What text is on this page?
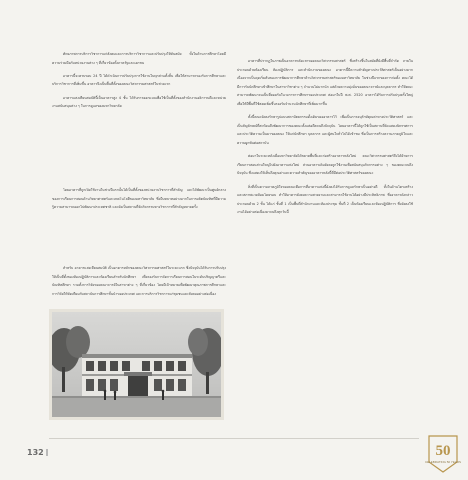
ศักยภาพการบริการวิชาการแก่สังคมและการบริการวิชาการและปรับปรุงให้ทันสมัย ทั้งในด้านการศึกษาโดยมีความร่วมมือกับหน่วยงานต่าง ๆ ที่เกี่ยวข้องทั้งภาครัฐและเอกชน

อาคารนี้จะครบรอบ 24 ปี ได้ดำเนินการปรับปรุงการใช้งานในทุกส่วนทั้งสิ้น เพื่อให้สามารถรองรับการศึกษาและบริการวิชาการที่เพิ่มขึ้น อาคารจึงเป็นพื้นที่ตั้งของคณะวิศวกรรมศาสตร์ในช่วงแรก

อาคารแสงเทียนสมบัตินี้เป็นอาคารสูง 4 ชั้น ได้รับการออกแบบเพื่อใช้เป็นที่ตั้งของสำนักงานอธิการบดีและหน่วยงานสนับสนุนต่าง ๆ ในการดูแลของมหาวิทยาลัย

โดยอาคารที่ถูกเปิดใช้งานในช่วงปีแรกนั้นได้เป็นที่ตั้งของหน่วยงานวิชาการที่สำคัญ และได้พัฒนาเป็นศูนย์กลางของการเรียนการสอนด้านวิทยาศาสตร์และเทคโนโลยีของมหาวิทยาลัย ซึ่งมีบทบาทอย่างมากในการผลิตบัณฑิตที่มีความรู้ความสามารถออกไปพัฒนาประเทศชาติ และยังเป็นสถานที่จัดกิจกรรมทางวิชาการที่สำคัญหลายครั้ง

สำหรับ อาคารแสงเทียนสมบัติ เป็นอาคารหลักของคณะวิศวกรรมศาสตร์ในระยะแรก ซึ่งปัจจุบันได้รับการปรับปรุงให้เป็นที่ตั้งของห้องปฏิบัติการและห้องเรียนสำหรับนักศึกษา เพื่อรองรับการจัดการเรียนการสอนในระดับปริญญาตรีและบัณฑิตศึกษา รวมทั้งการวิจัยของคณาจารย์ในสาขาต่าง ๆ ที่เกี่ยวข้อง โดยมีเป้าหมายเพื่อพัฒนาคุณภาพการศึกษาและการวิจัยให้ทัดเทียมกับสถาบันการศึกษาชั้นนำของประเทศ และการบริการวิชาการแก่ชุมชนและสังคมอย่างต่อเนื่อง

อาคารที่ปรากฏในภาพเป็นอาคารหลังแรกของคณะวิศวกรรมศาสตร์ ซึ่งสร้างขึ้นในสมัยที่ยังมีพื้นที่จำกัด ภายในประกอบด้วยห้องเรียน ห้องปฏิบัติการ และสำนักงานของคณะ อาคารนี้มีความสำคัญทางประวัติศาสตร์เป็นอย่างมาก เนื่องจากเป็นจุดเริ่มต้นของการพัฒนาการศึกษาด้านวิศวกรรมศาสตร์ของมหาวิทยาลัย ในช่วงปีแรกของการก่อตั้ง คณะได้มีการรับนักศึกษาเข้าศึกษาในสาขาวิชาต่าง ๆ จำนวนไม่มากนัก แต่ด้วยความมุ่งมั่นของคณาจารย์และบุคลากร ทำให้คณะสามารถพัฒนาจนเป็นที่ยอมรับในวงการการศึกษาของประเทศ ต่อมาในปี พ.ศ. 2520 อาคารได้รับการปรับปรุงครั้งใหญ่ เพื่อให้มีพื้นที่ใช้สอยเพิ่มขึ้นรองรับจำนวนนักศึกษาที่เพิ่มมากขึ้น

ทั้งนี้คณะยังคงรักษารูปแบบสถาปัตยกรรมดั้งเดิมของอาคารไว้ เพื่อเป็นการอนุรักษ์คุณค่าทางประวัติศาสตร์ และเป็นสัญลักษณ์ที่สะท้อนถึงพัฒนาการของคณะตั้งแต่อดีตจนถึงปัจจุบัน โดยอาคารนี้ได้ถูกใช้เป็นสถานที่จัดแสดงนิทรรศการและประวัติความเป็นมาของคณะ ให้แก่นักศึกษา บุคลากร และผู้สนใจทั่วไปได้เข้าชม ซึ่งเป็นการสร้างความภาคภูมิใจและความผูกพันต่อสถาบัน

ต่อมาในระยะหลังเมื่อมหาวิทยาลัยได้ขยายพื้นที่และก่อสร้างอาคารหลังใหม่ คณะวิศวกรรมศาสตร์จึงได้ย้ายการเรียนการสอนส่วนใหญ่ไปยังอาคารแห่งใหม่ ส่วนอาคารเดิมยังคงถูกใช้งานเพื่อสนับสนุนกิจกรรมต่าง ๆ ของคณะจนถึงปัจจุบัน ซึ่งแสดงให้เห็นถึงคุณค่าและความสำคัญของอาคารหลังนี้ที่มีต่อประวัติศาสตร์ของคณะ

สิ่งที่เป็นความภาคภูมิใจของคณะคือการที่อาคารแห่งนี้ยังคงได้รับการดูแลรักษาเป็นอย่างดี ทั้งในด้านโครงสร้างและสภาพแวดล้อมโดยรอบ ทำให้อาคารยังคงความสวยงามและสามารถใช้งานได้อย่างมีประสิทธิภาพ ซึ่งอาคารดังกล่าวประกอบด้วย 2 ชั้น ได้แก่ ชั้นที่ 1 เป็นพื้นที่สำนักงานและห้องประชุม ชั้นที่ 2 เป็นห้องเรียนและห้องปฏิบัติการ ซึ่งยังคงใช้งานได้อย่างต่อเนื่องมาจนถึงทุกวันนี้

132	50
CELEBRATING 50 YEARS
